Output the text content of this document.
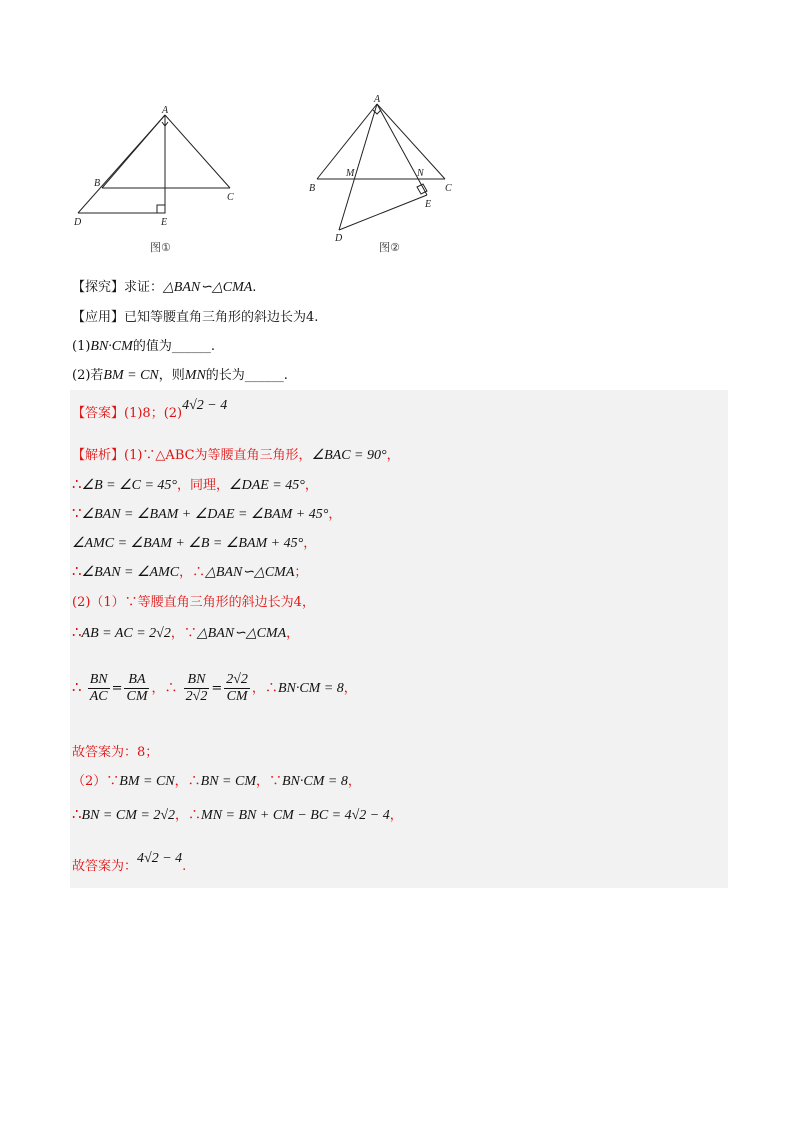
A
B
C
D	E
图①
A
B
M	N
C
E
D
图②
【探究】求证：△BAN∽△CMA.
【应用】已知等腰直角三角形的斜边长为4.
(1)BN·CM的值为______.
(2)若BM = CN，则MN的长为______.
【答案】(1)8；(2)4√2 − 4
【解析】(1)∵△ABC为等腰直角三角形，∠BAC = 90°，
∴∠B = ∠C = 45°，同理，∠DAE = 45°，
∵∠BAN = ∠BAM + ∠DAE = ∠BAM + 45°，
∠AMC = ∠BAM + ∠B = ∠BAM + 45°，
∴∠BAN = ∠AMC，∴△BAN∽△CMA；
(2)（1）∵等腰直角三角形的斜边长为4，
∴AB = AC = 2√2，∵△BAN∽△CMA，
∴ $\frac{BN}{AC} = \frac{BA}{CM}$ ，∴ $\frac{BN}{2√2} = \frac{2√2}{CM}$ ，∴BN·CM = 8，
故答案为：8；
（2）∵BM = CN，∴BN = CM，∵BN·CM = 8，
∴BN = CM = 2√2，∴MN = BN + CM − BC = 4√2 − 4，
故答案为：4√2 − 4.
